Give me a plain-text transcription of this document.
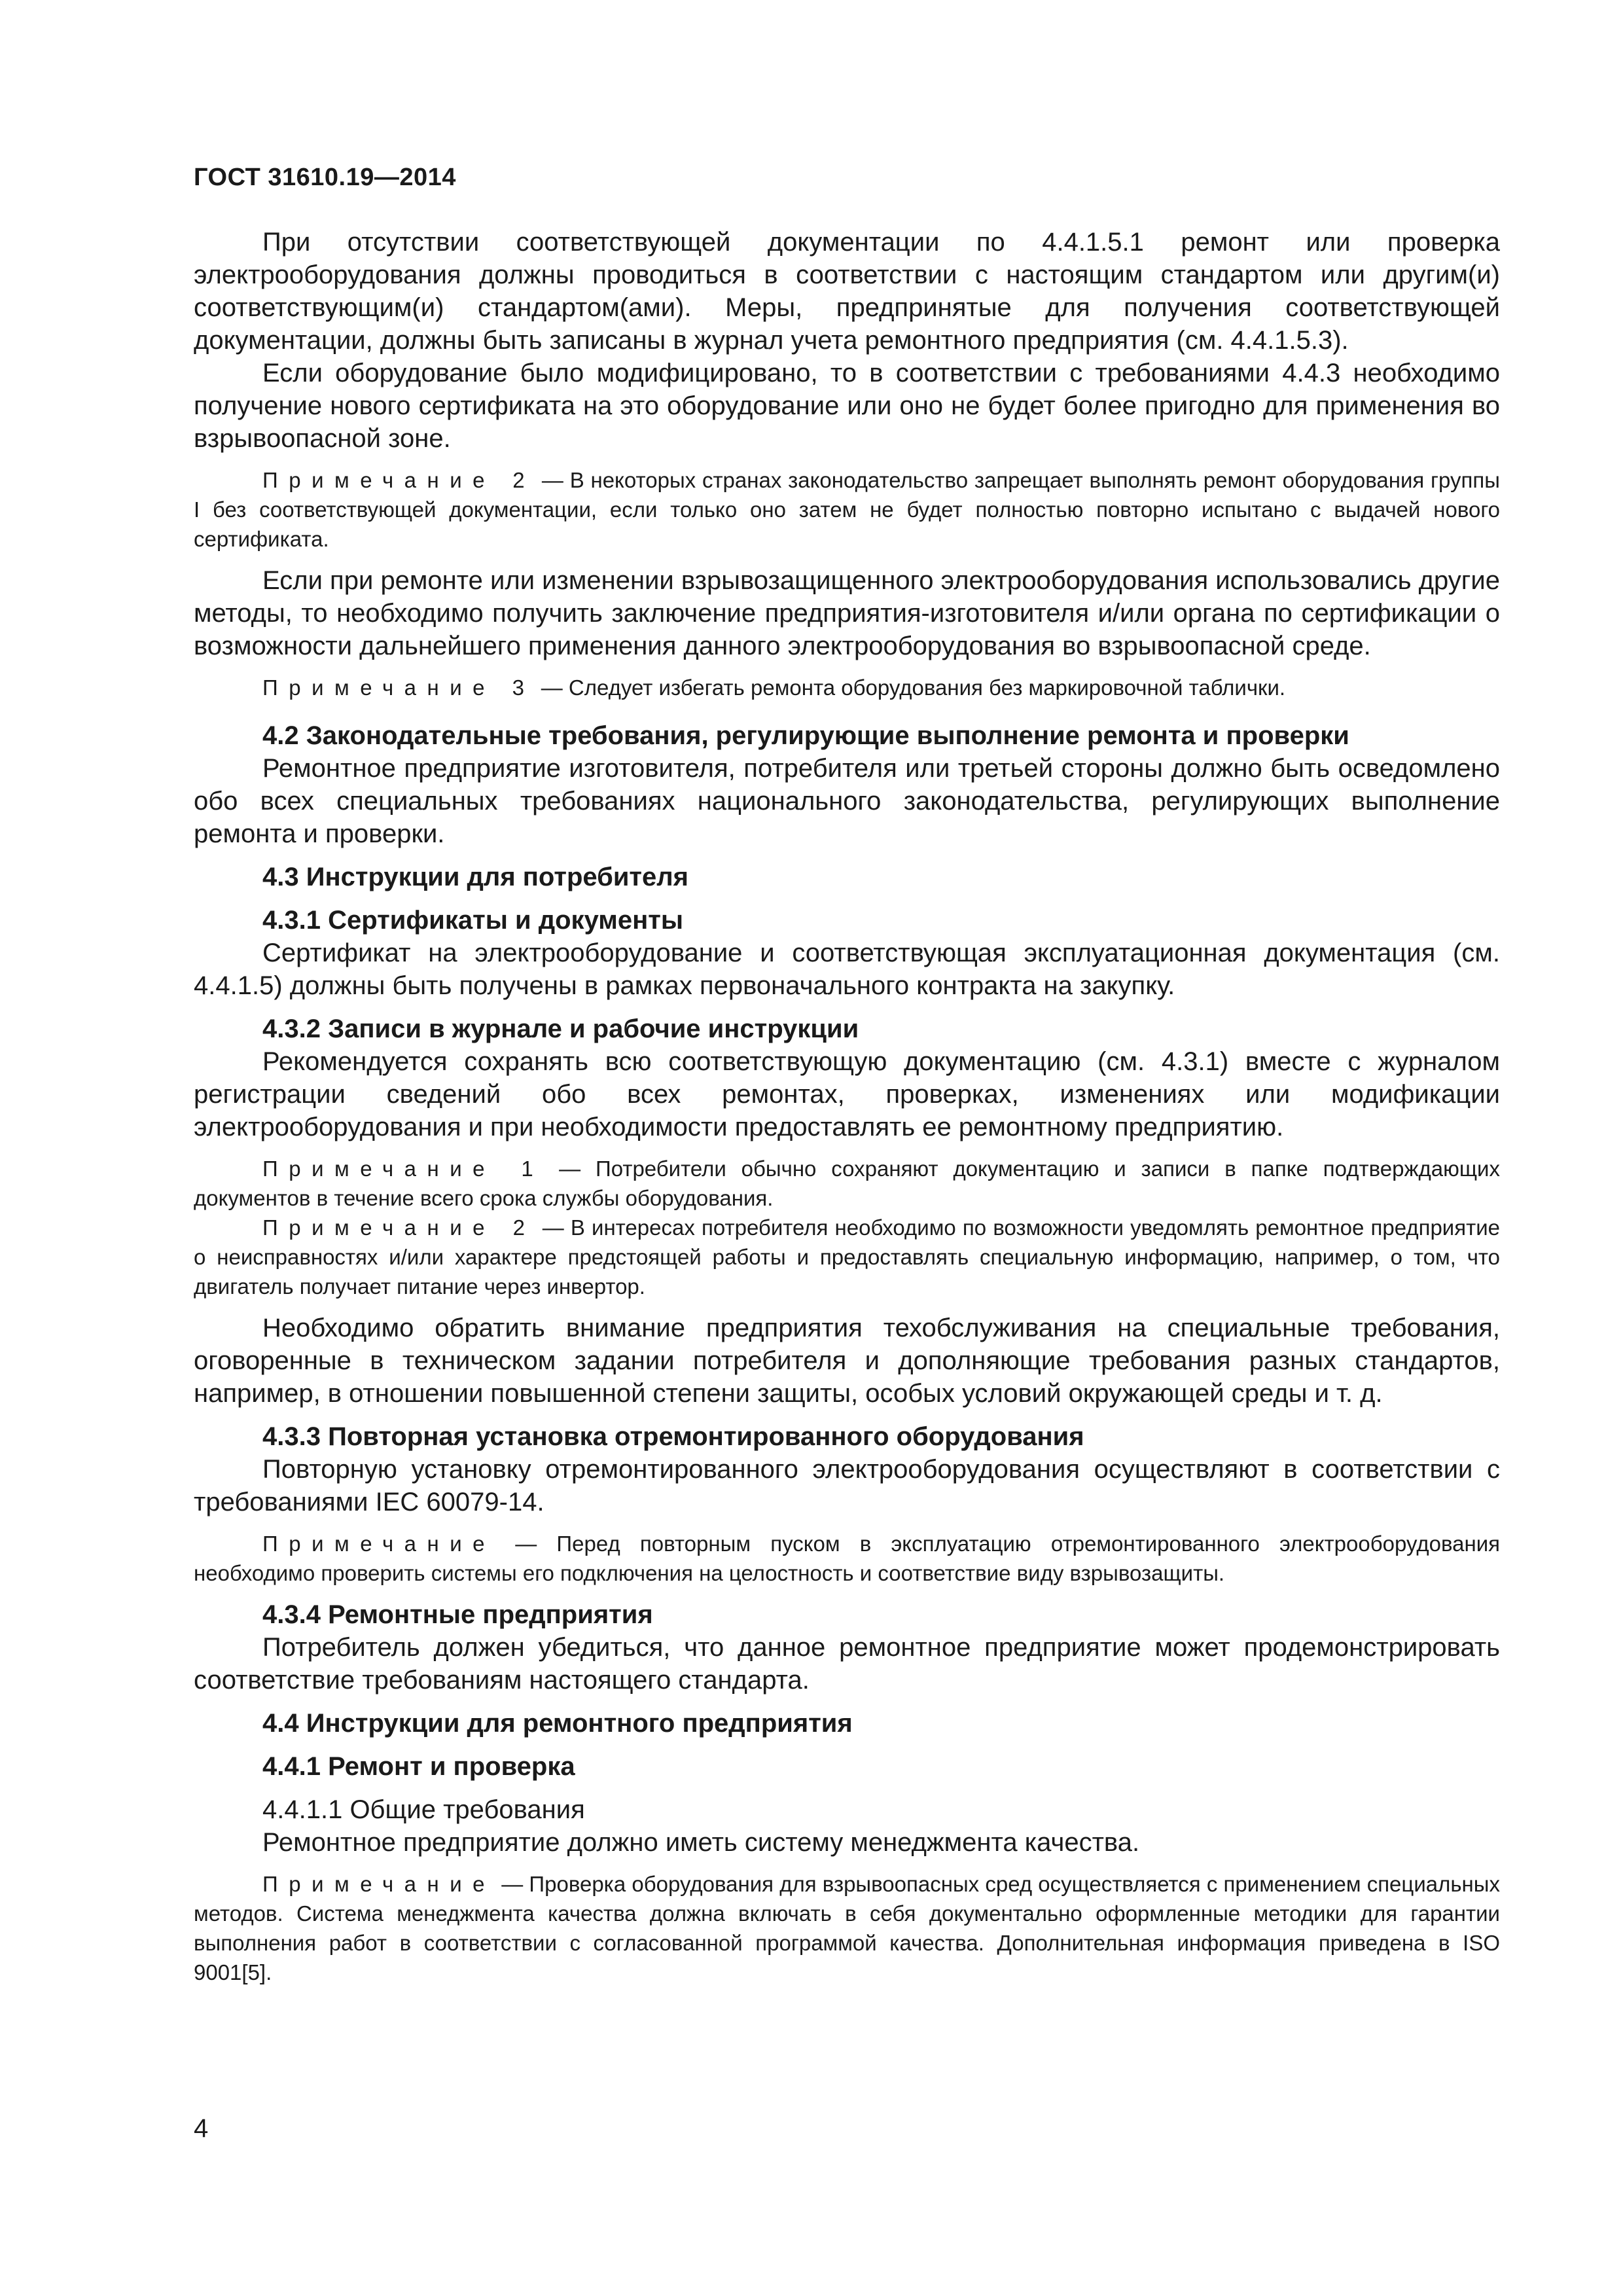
ГОСТ 31610.19—2014

При отсутствии соответствующей документации по 4.4.1.5.1 ремонт или проверка электрооборудования должны проводиться в соответствии с настоящим стандартом или другим(и) соответствующим(и) стандартом(ами). Меры, предпринятые для получения соответствующей документации, должны быть записаны в журнал учета ремонтного предприятия (см. 4.4.1.5.3).

Если оборудование было модифицировано, то в соответствии с требованиями 4.4.3 необходимо получение нового сертификата на это оборудование или оно не будет более пригодно для применения во взрывоопасной зоне.

Примечание 2 — В некоторых странах законодательство запрещает выполнять ремонт оборудования группы I без соответствующей документации, если только оно затем не будет полностью повторно испытано с выдачей нового сертификата.

Если при ремонте или изменении взрывозащищенного электрооборудования использовались другие методы, то необходимо получить заключение предприятия-изготовителя и/или органа по сертификации о возможности дальнейшего применения данного электрооборудования во взрывоопасной среде.

Примечание 3 — Следует избегать ремонта оборудования без маркировочной таблички.

4.2 Законодательные требования, регулирующие выполнение ремонта и проверки

Ремонтное предприятие изготовителя, потребителя или третьей стороны должно быть осведомлено обо всех специальных требованиях национального законодательства, регулирующих выполнение ремонта и проверки.

4.3 Инструкции для потребителя
4.3.1 Сертификаты и документы

Сертификат на электрооборудование и соответствующая эксплуатационная документация (см. 4.4.1.5) должны быть получены в рамках первоначального контракта на закупку.

4.3.2 Записи в журнале и рабочие инструкции

Рекомендуется сохранять всю соответствующую документацию (см. 4.3.1) вместе с журналом регистрации сведений обо всех ремонтах, проверках, изменениях или модификации электрооборудования и при необходимости предоставлять ее ремонтному предприятию.

Примечание 1 — Потребители обычно сохраняют документацию и записи в папке подтверждающих документов в течение всего срока службы оборудования.

Примечание 2 — В интересах потребителя необходимо по возможности уведомлять ремонтное предприятие о неисправностях и/или характере предстоящей работы и предоставлять специальную информацию, например, о том, что двигатель получает питание через инвертор.

Необходимо обратить внимание предприятия техобслуживания на специальные требования, оговоренные в техническом задании потребителя и дополняющие требования разных стандартов, например, в отношении повышенной степени защиты, особых условий окружающей среды и т. д.

4.3.3 Повторная установка отремонтированного оборудования

Повторную установку отремонтированного электрооборудования осуществляют в соответствии с требованиями IEC 60079-14.

Примечание — Перед повторным пуском в эксплуатацию отремонтированного электрооборудования необходимо проверить системы его подключения на целостность и соответствие виду взрывозащиты.

4.3.4 Ремонтные предприятия

Потребитель должен убедиться, что данное ремонтное предприятие может продемонстрировать соответствие требованиям настоящего стандарта.

4.4 Инструкции для ремонтного предприятия
4.4.1 Ремонт и проверка

4.4.1.1 Общие требования

Ремонтное предприятие должно иметь систему менеджмента качества.

Примечание — Проверка оборудования для взрывоопасных сред осуществляется с применением специальных методов. Система менеджмента качества должна включать в себя документально оформленные методики для гарантии выполнения работ в соответствии с согласованной программой качества. Дополнительная информация приведена в ISO 9001[5].

4
